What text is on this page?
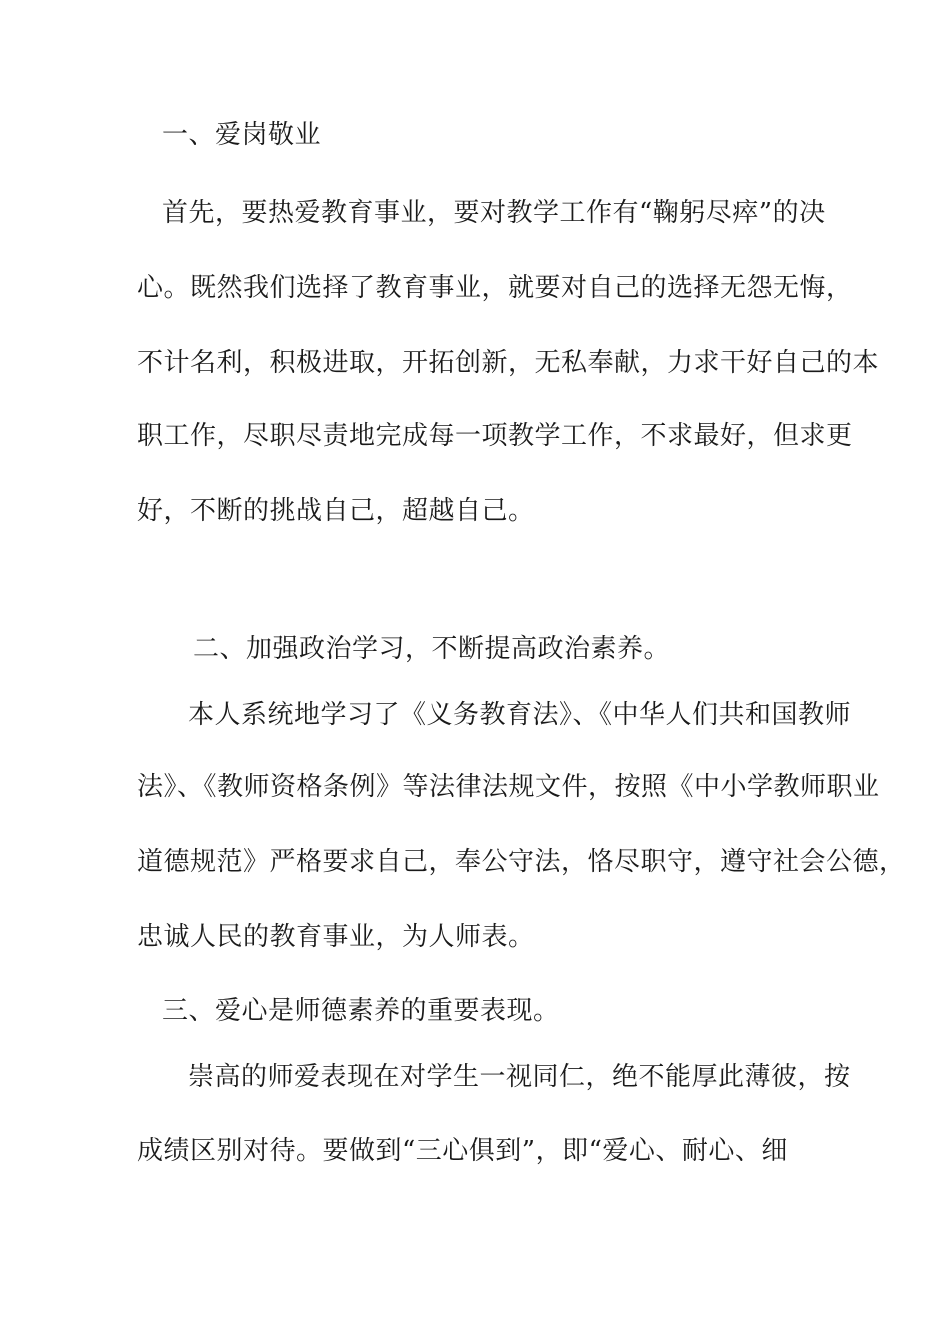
一、爱岗敬业
首先，要热爱教育事业，要对教学工作有“鞠躬尽瘁”的决
心。既然我们选择了教育事业，就要对自己的选择无怨无悔，
不计名利，积极进取，开拓创新，无私奉献，力求干好自己的本
职工作，尽职尽责地完成每一项教学工作，不求最好，但求更
好，不断的挑战自己，超越自己。
二、加强政治学习，不断提高政治素养。
本人系统地学习了《义务教育法》、《中华人们共和国教师
法》、《教师资格条例》等法律法规文件，按照《中小学教师职业
道德规范》严格要求自己，奉公守法，恪尽职守，遵守社会公德，
忠诚人民的教育事业，为人师表。
三、爱心是师德素养的重要表现。
崇高的师爱表现在对学生一视同仁，绝不能厚此薄彼，按
成绩区别对待。要做到“三心俱到”，即“爱心、耐心、细
